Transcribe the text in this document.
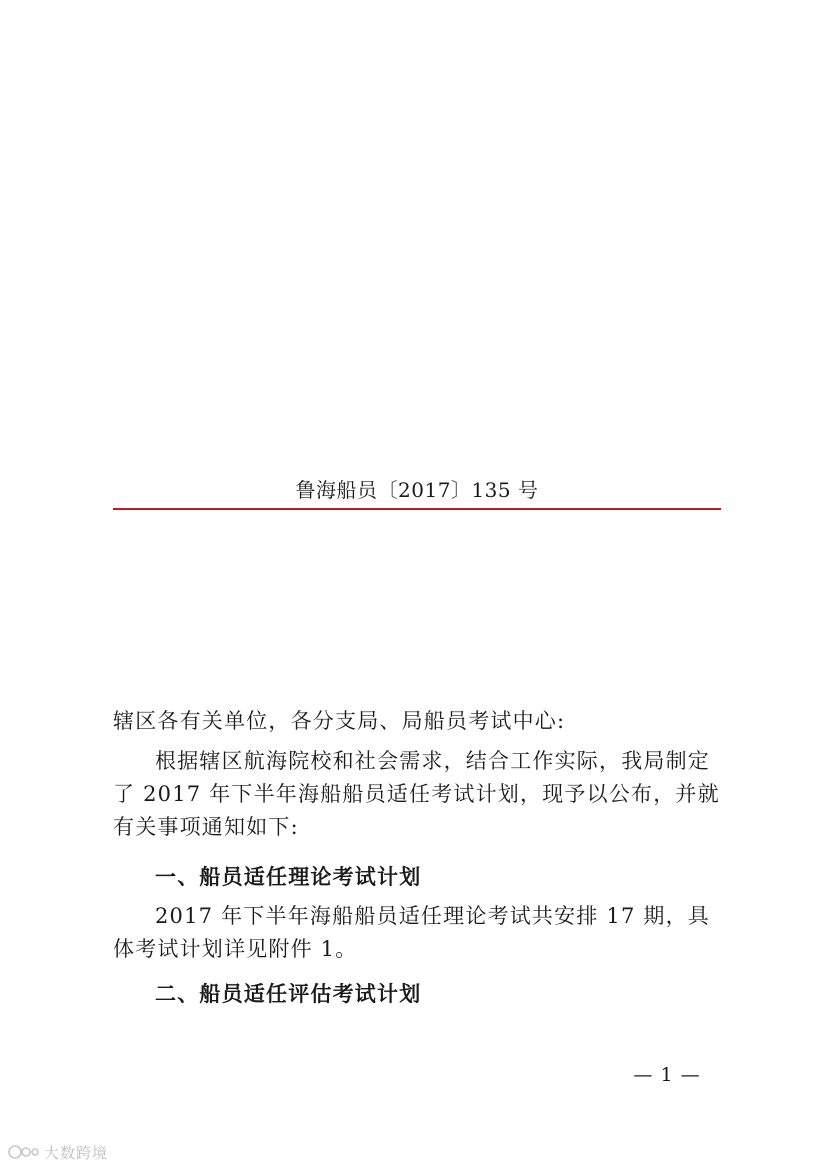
鲁海船员〔2017〕135 号
辖区各有关单位，各分支局、局船员考试中心:
根据辖区航海院校和社会需求，结合工作实际，我局制定了 2017 年下半年海船船员适任考试计划，现予以公布，并就有关事项通知如下:
一、船员适任理论考试计划
2017 年下半年海船船员适任理论考试共安排 17 期，具体考试计划详见附件 1。
二、船员适任评估考试计划
— 1 —
大数跨境
